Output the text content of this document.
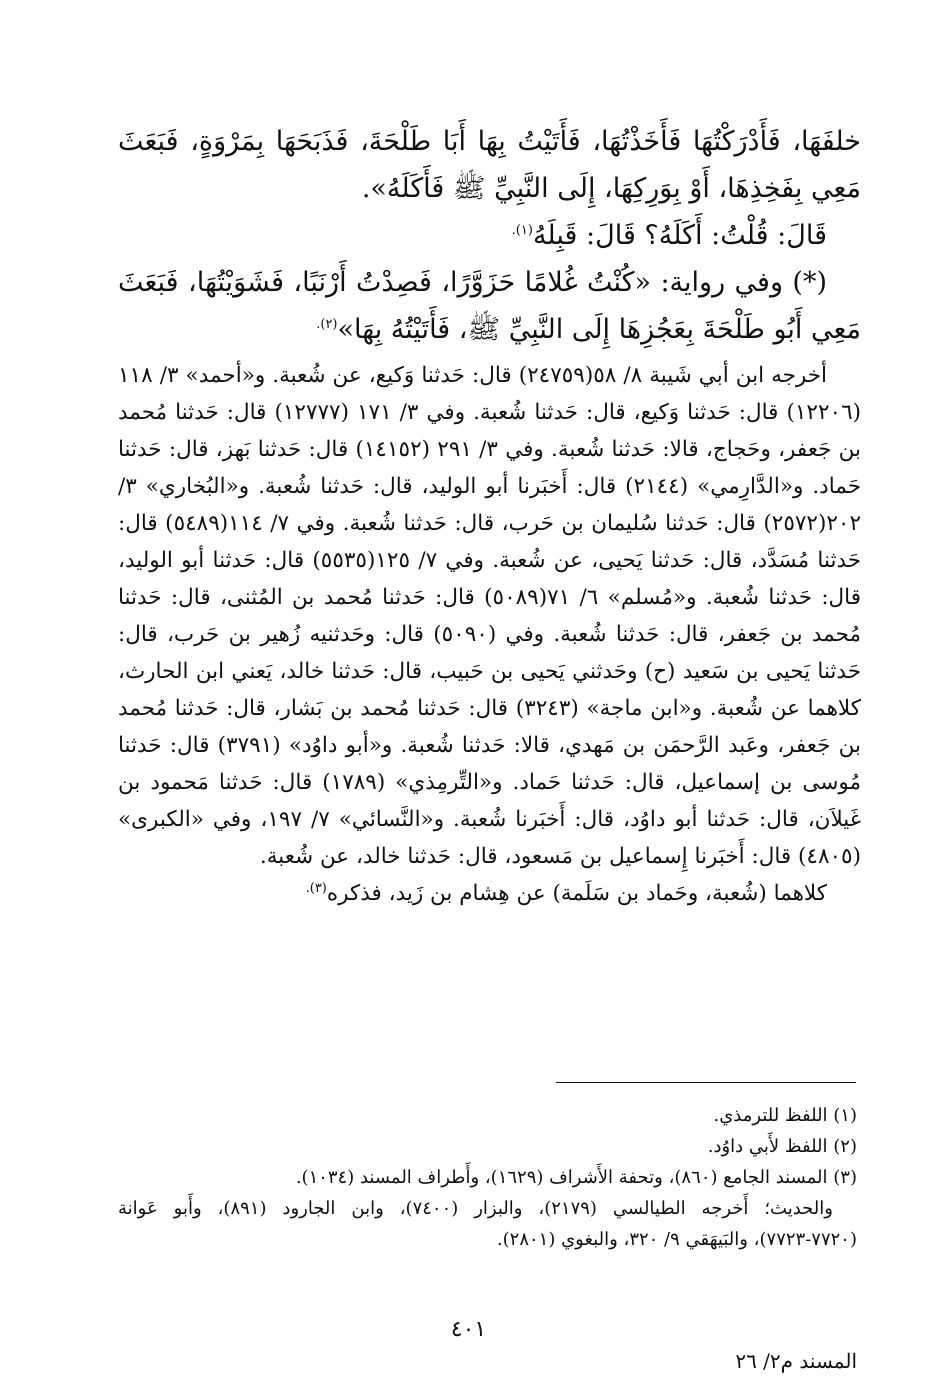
خلفَهَا، فَأَدْرَكْتُهَا فَأَخَذْتُهَا، فَأَتَيْتُ بِهَا أَبَا طَلْحَةَ، فَذَبَحَهَا بِمَرْوَةٍ، فَبَعَثَ مَعِي بِفَخِذِهَا، أَوْ بِوَرِكِهَا، إِلَى النَّبِيِّ ﷺ فَأَكَلَهُ».

قَالَ: قُلْتُ: أَكَلَهُ؟ قَالَ: قَبِلَهُ$^{(١).}$

(*) وفي رواية: «كُنْتُ غُلامًا حَزَوَّرًا، فَصِدْتُ أَرْنَبًا، فَشَوَيْتُهَا، فَبَعَثَ مَعِي أَبُو طَلْحَةَ بِعَجُزِهَا إِلَى النَّبِيِّ ﷺ، فَأَتَيْتُهُ بِهَا»$^{(٢).}$

أخرجه ابن أبي شَيبة ٨/ ٥٨(٢٤٧٥٩) قال: حَدثنا وَكيع، عن شُعبة. و«أحمد» ٣/ ١١٨ (١٢٢٠٦) قال: حَدثنا وَكيع، قال: حَدثنا شُعبة. وفي ٣/ ١٧١ (١٢٧٧٧) قال: حَدثنا مُحمد بن جَعفر، وحَجاج، قالا: حَدثنا شُعبة. وفي ٣/ ٢٩١ (١٤١٥٢) قال: حَدثنا بَهز، قال: حَدثنا حَماد. و«الدَّارِمي» (٢١٤٤) قال: أَخبَرنا أبو الوليد، قال: حَدثنا شُعبة. و«البُخاري» ٣/ ٢٠٢(٢٥٧٢) قال: حَدثنا سُليمان بن حَرب، قال: حَدثنا شُعبة. وفي ٧/ ١١٤(٥٤٨٩) قال: حَدثنا مُسَدَّد، قال: حَدثنا يَحيى، عن شُعبة. وفي ٧/ ١٢٥(٥٥٣٥) قال: حَدثنا أبو الوليد، قال: حَدثنا شُعبة. و«مُسلم» ٦/ ٧١(٥٠٨٩) قال: حَدثنا مُحمد بن المُثنى، قال: حَدثنا مُحمد بن جَعفر، قال: حَدثنا شُعبة. وفي (٥٠٩٠) قال: وحَدثنيه زُهير بن حَرب، قال: حَدثنا يَحيى بن سَعيد (ح) وحَدثني يَحيى بن حَبيب، قال: حَدثنا خالد، يَعني ابن الحارث، كلاهما عن شُعبة. و«ابن ماجة» (٣٢٤٣) قال: حَدثنا مُحمد بن بَشار، قال: حَدثنا مُحمد بن جَعفر، وعَبد الرَّحمَن بن مَهدي، قالا: حَدثنا شُعبة. و«أبو داوُد» (٣٧٩١) قال: حَدثنا مُوسى بن إسماعيل، قال: حَدثنا حَماد. و«التِّرمِذي» (١٧٨٩) قال: حَدثنا مَحمود بن غَيلاَن، قال: حَدثنا أبو داوُد، قال: أَخبَرنا شُعبة. و«النَّسائي» ٧/ ١٩٧، وفي «الكبرى» (٤٨٠٥) قال: أَخبَرنا إِسماعيل بن مَسعود، قال: حَدثنا خالد، عن شُعبة.

كلاهما (شُعبة، وحَماد بن سَلَمة) عن هِشام بن زَيد، فذكره$^{(٣).}$

(١) اللفظ للترمذي.

(٢) اللفظ لأَبي داوُد.

(٣) المسند الجامع (٨٦٠)، وتحفة الأَشراف (١٦٢٩)، وأَطراف المسند (١٠٣٤).

والحديث؛ أَخرجه الطيالسي (٢١٧٩)، والبزار (٧٤٠٠)، وابن الجارود (٨٩١)، وأَبو عَوانة (٧٧٢٠-٧٧٢٣)، والبَيهَقي ٩/ ٣٢٠، والبغوي (٢٨٠١).

٤٠١
المسند م٢/ ٢٦
